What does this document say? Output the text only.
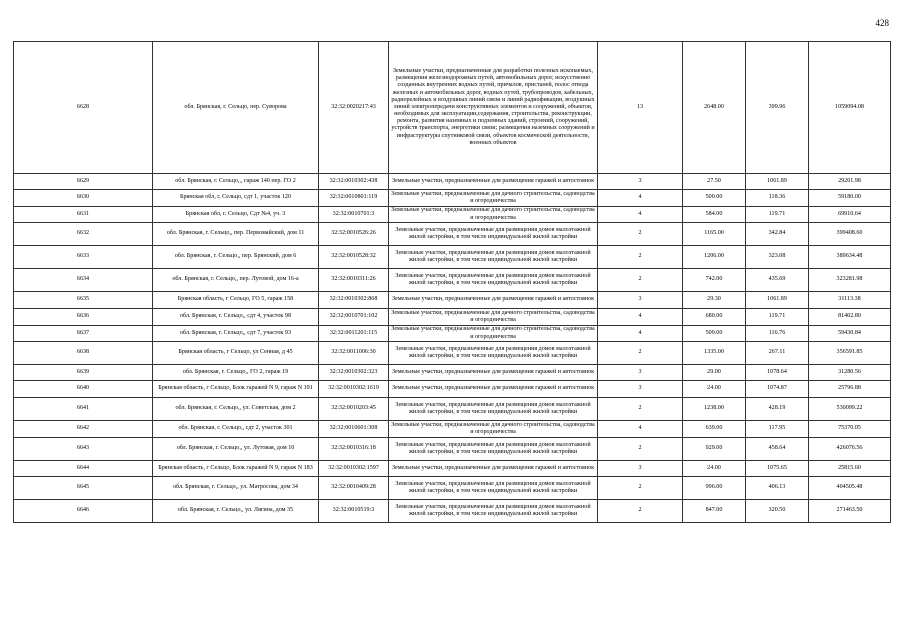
428
6628	обл. Брянская, г. Сельцо, пер. Суворова	32:32:0020217:43	Земельные участки, предназначенные для разработки полезных ископаемых, размещения железнодорожных путей, автомобильных дорог, искусственно созданных внутренних водных путей, причалов, пристаней, полос отвода железных и автомобильных дорог, водных путей, трубопроводов, кабельных, радиорелейных и воздушных линий связи и линий радиофикации, воздушных линий электропередачи конструктивных элементов и сооружений, объектов, необходимых для эксплуатации,содержания, строительства, реконструкции, ремонта, развития наземных и подземных зданий, строений, сооружений, устройств транспорта, энергетики связи; размещения наземных сооружений и инфраструктуры спутниковой связи, объектов космической деятельности, военных объектов	13	2648.00	399.96	1059094.08
6629	обл. Брянская, г. Сельцо,,, гараж 140 пер. ГО 2	32:32:0010302:438	Земельные участки, предназначенные для размещения гаражей и автостоянок	3	27.50	1061.89	29201.98
6630	Брянская обл, г. Сельцо, сдт 1, участок 120	32:32:0010801:119	Земельные участки, предназначенные для дачного строительства, садоводства и огородничества	4	500.00	118.36	59180.00
6631	Брянская обл, г. Сельцо, Сдт №4, уч. 3	32:32:0010701:3	Земельные участки, предназначенные для дачного строительства, садоводства и огородничества	4	584.00	119.71	69910.64
6632	обл. Брянская, г. Сельцо,, пер. Первомайский, дом 11	32:32:0010526:26	Земельные участки, предназначенные для размещения домов малоэтажной жилой застройки, в том числе индивидуальной жилой застройки	2	1165.00	342.84	399408.60
6633	обл. Брянская, г. Сельцо,, пер. Брянский, дом 6	32:32:0010528:32	Земельные участки, предназначенные для размещения домов малоэтажной жилой застройки, в том числе индивидуальной жилой застройки	2	1206.00	323.08	389634.48
6634	обл. Брянская, г. Сельцо,, пер. Лутовой, дом 16-а	32:32:0010311:26	Земельные участки, предназначенные для размещения домов малоэтажной жилой застройки, в том числе индивидуальной жилой застройки	2	742.00	435.69	323281.98
6635	Брянская область, г Сельцо, ГО 5, гараж 158	32:32:0010302:868	Земельные участки, предназначенные для размещения гаражей и автостоянок	3	29.30	1061.89	31113.38
6636	обл. Брянская, г. Сельцо,, сдт 4, участок 98	32:32:0010701:102	Земельные участки, предназначенные для дачного строительства, садоводства и огородничества	4	680.00	119.71	81402.80
6637	обл. Брянская, г. Сельцо,, сдт 7, участок 93	32:32:0011201:115	Земельные участки, предназначенные для дачного строительства, садоводства и огородничества	4	509.00	116.76	59430.84
6638	Брянская область, г Сельцо, ул Сенная, д 45	32:32:0011006:30	Земельные участки, предназначенные для размещения домов малоэтажной жилой застройки, в том числе индивидуальной жилой застройки	2	1335.00	267.11	356591.85
6639	обл. Брянская, г. Сельцо,, ГО 2, гараж 19	32:32:0010302:323	Земельные участки, предназначенные для размещения гаражей и автостоянок	3	29.00	1078.64	31280.56
6640	Брянская область, г Сельцо, Блок гаражей N 9, гараж N 191	32:32:0010302:1619	Земельные участки, предназначенные для размещения гаражей и автостоянок	3	24.00	1074.87	25796.88
6641	обл. Брянская, г. Сельцо,, ул. Советская, дом 2	32:32:0010203:45	Земельные участки, предназначенные для размещения домов малоэтажной жилой застройки, в том числе индивидуальной жилой застройки	2	1238.00	428.19	530099.22
6642	обл. Брянская, г. Сельцо,, сдт 2, участок 301	32:32:0010601:308	Земельные участки, предназначенные для дачного строительства, садоводства и огородничества	4	639.00	117.95	75370.05
6643	обл. Брянская, г. Сельцо,, ул. Лутовая, дом 10	32:32:0010316:18	Земельные участки, предназначенные для размещения домов малоэтажной жилой застройки, в том числе индивидуальной жилой застройки	2	929.00	458.64	426076.56
6644	Брянская область, г Сельцо, Блок гаражей N 9, гараж N 183	32:32:0010302:1597	Земельные участки, предназначенные для размещения гаражей и автостоянок	3	24.00	1075.65	25815.60
6645	обл. Брянская, г. Сельцо,, ул. Матросова, дом 34	32:32:0010409:28	Земельные участки, предназначенные для размещения домов малоэтажной жилой застройки, в том числе индивидуальной жилой застройки	2	996.00	406.13	404505.48
6646	обл. Брянская, г. Сельцо,, ул. Лягина, дом 35	32:32:0010519:3	Земельные участки, предназначенные для размещения домов малоэтажной жилой застройки, в том числе индивидуальной жилой застройки	2	847.00	320.50	271463.50
